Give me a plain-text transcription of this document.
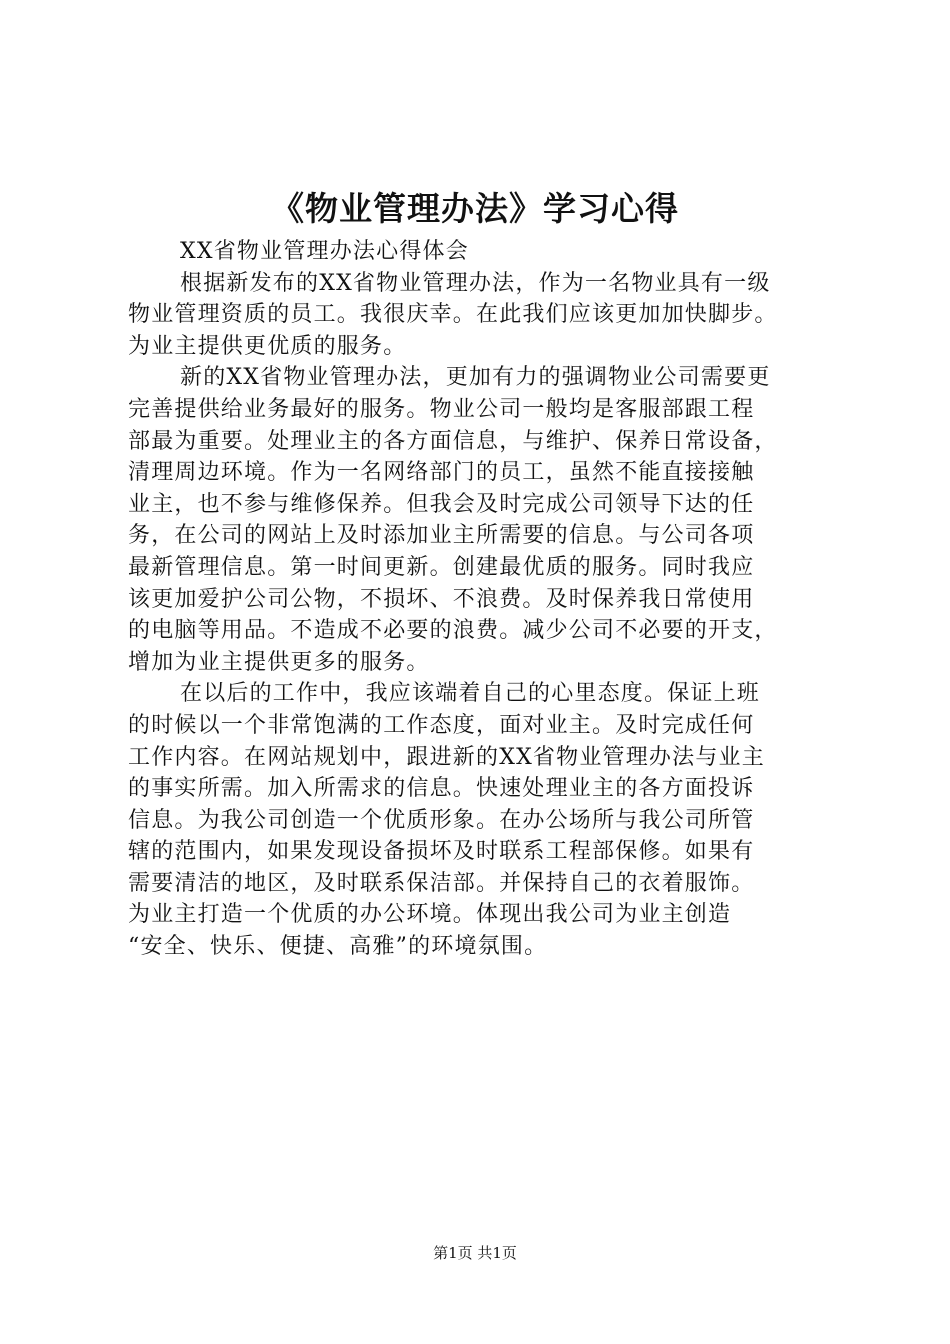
《物业管理办法》学习心得
XX省物业管理办法心得体会
根据新发布的XX省物业管理办法，作为一名物业具有一级
物业管理资质的员工。我很庆幸。在此我们应该更加加快脚步。
为业主提供更优质的服务。
新的XX省物业管理办法，更加有力的强调物业公司需要更
完善提供给业务最好的服务。物业公司一般均是客服部跟工程
部最为重要。处理业主的各方面信息，与维护、保养日常设备，
清理周边环境。作为一名网络部门的员工，虽然不能直接接触
业主，也不参与维修保养。但我会及时完成公司领导下达的任
务，在公司的网站上及时添加业主所需要的信息。与公司各项
最新管理信息。第一时间更新。创建最优质的服务。同时我应
该更加爱护公司公物，不损坏、不浪费。及时保养我日常使用
的电脑等用品。不造成不必要的浪费。减少公司不必要的开支，
增加为业主提供更多的服务。
在以后的工作中，我应该端着自己的心里态度。保证上班
的时候以一个非常饱满的工作态度，面对业主。及时完成任何
工作内容。在网站规划中，跟进新的XX省物业管理办法与业主
的事实所需。加入所需求的信息。快速处理业主的各方面投诉
信息。为我公司创造一个优质形象。在办公场所与我公司所管
辖的范围内，如果发现设备损坏及时联系工程部保修。如果有
需要清洁的地区，及时联系保洁部。并保持自己的衣着服饰。
为业主打造一个优质的办公环境。体现出我公司为业主创造
“安全、快乐、便捷、高雅”的环境氛围。
第1页 共1页
